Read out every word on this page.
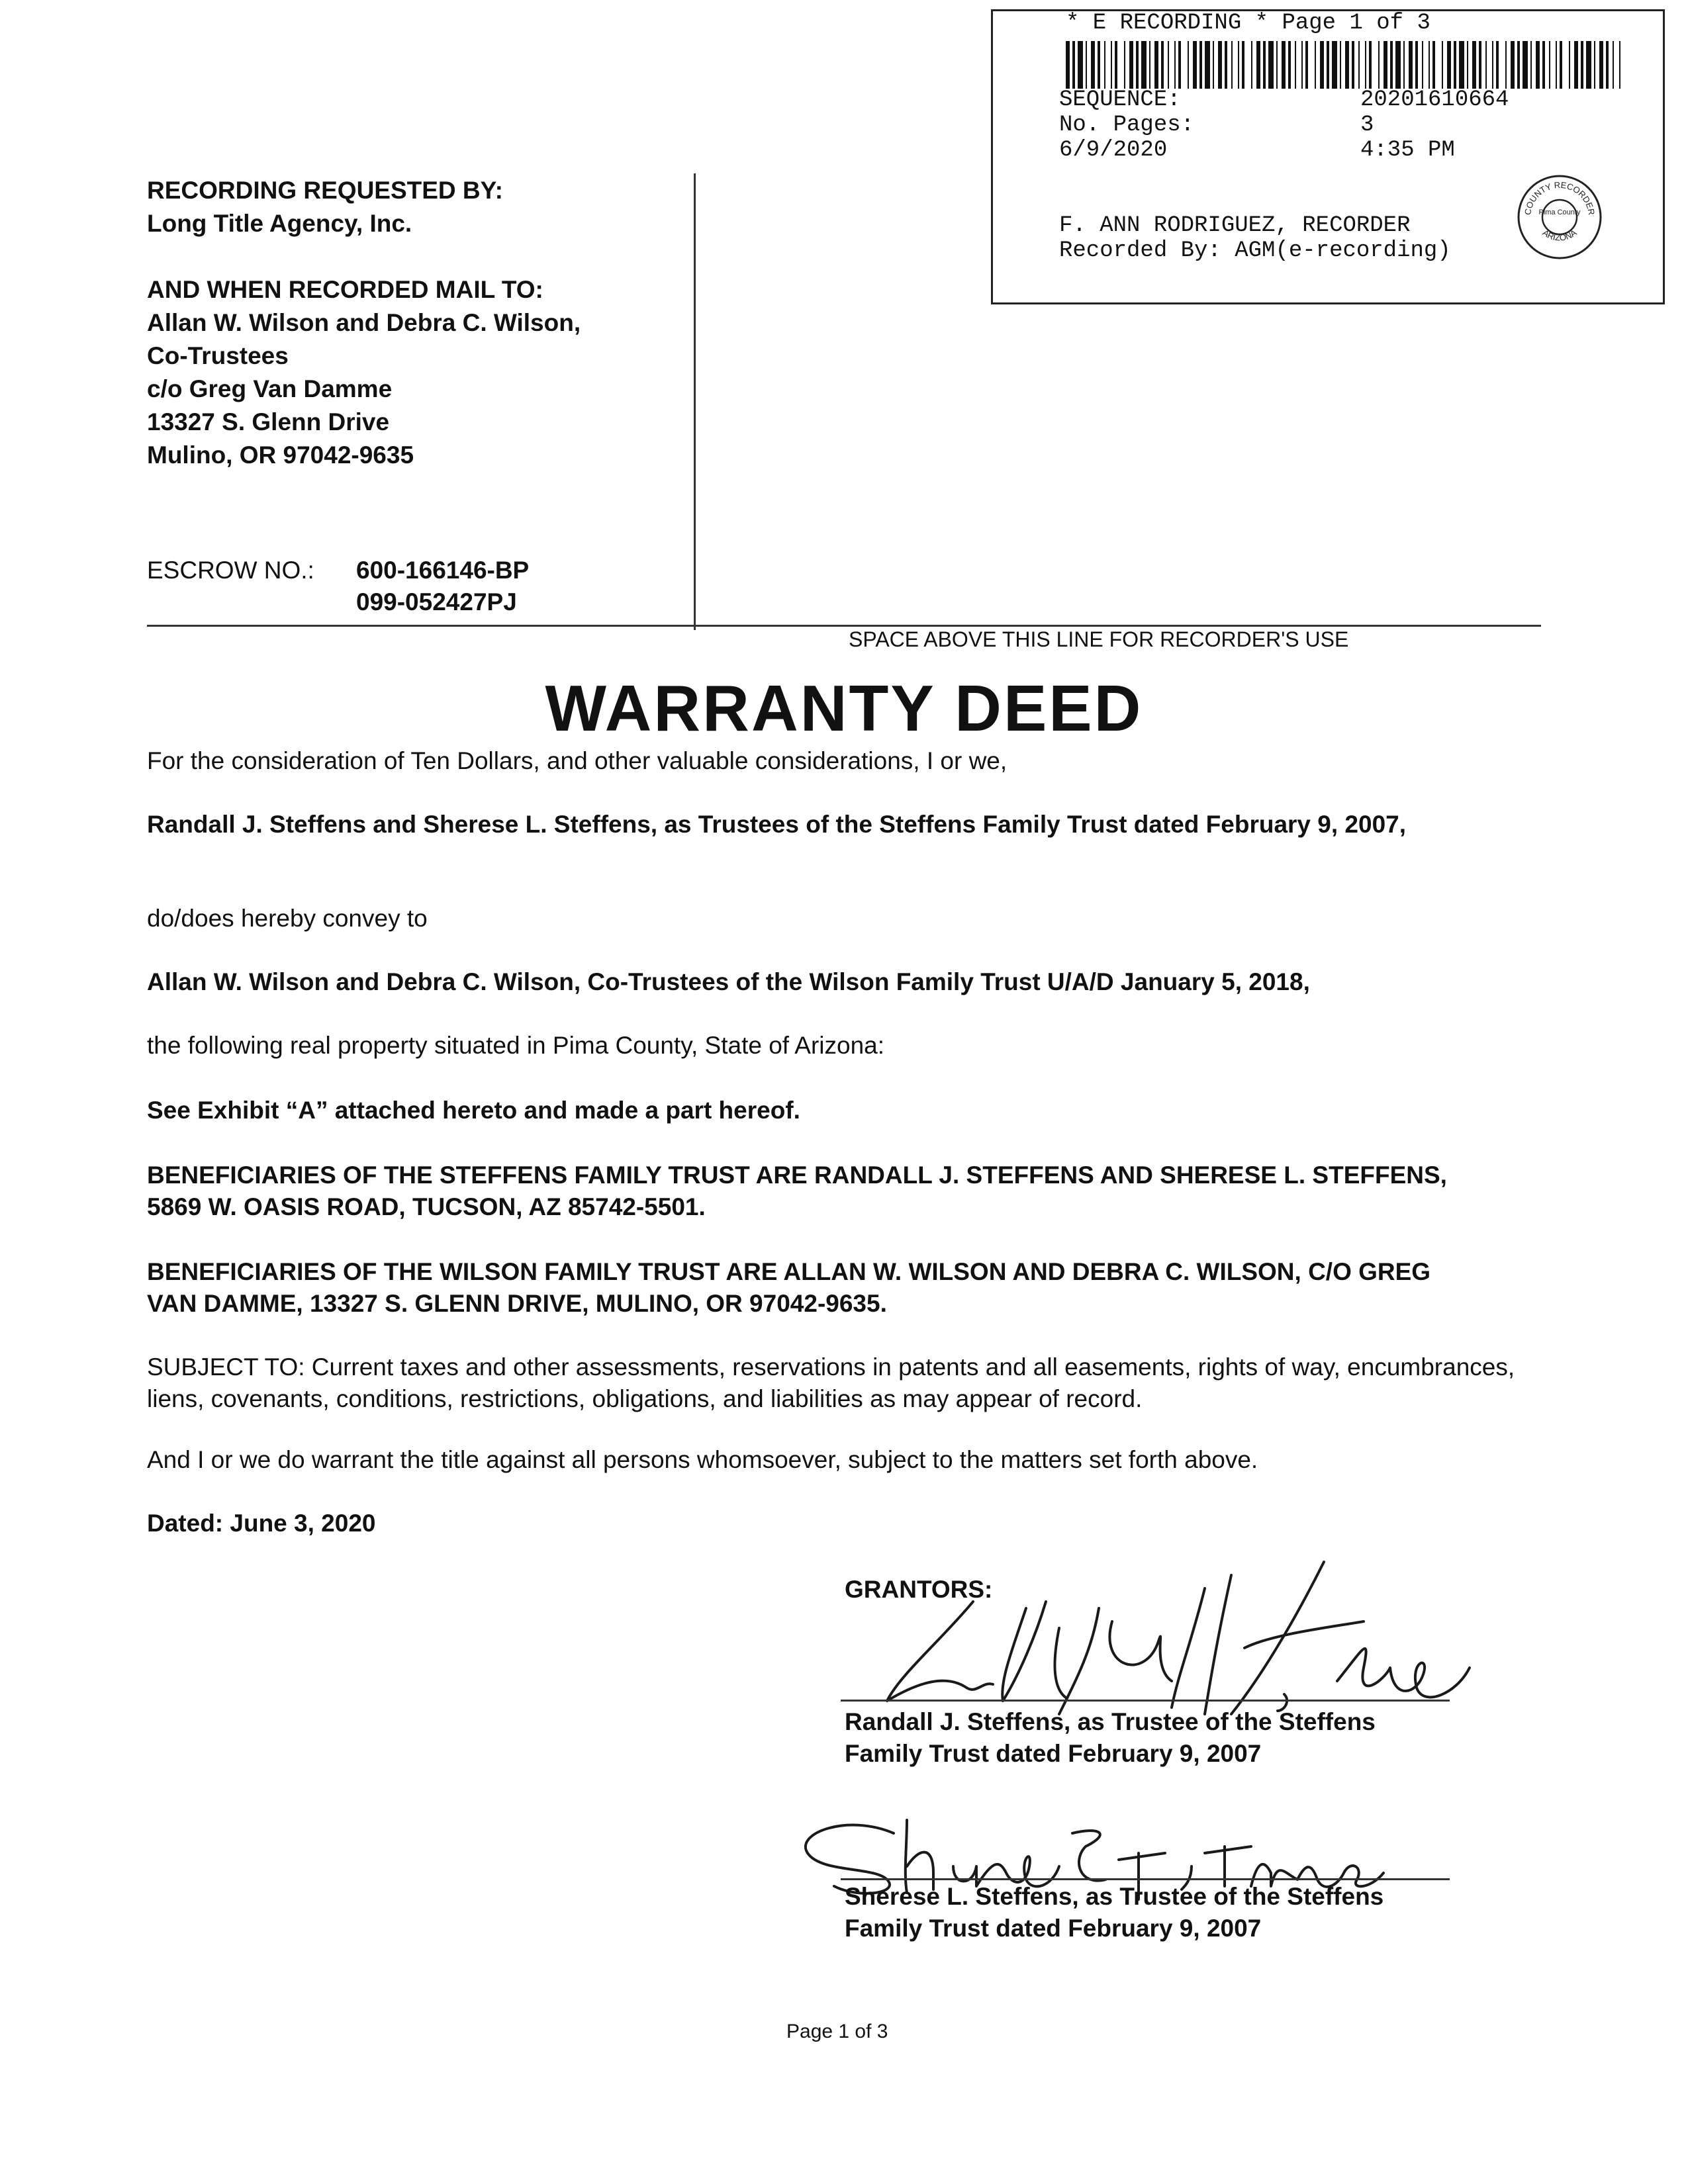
* E RECORDING * Page 1 of 3
SEQUENCE:	20201610664
No. Pages:	3
6/9/2020	4:35 PM
F. ANN RODRIGUEZ, RECORDER
Recorded By: AGM(e-recording)
COUNTY RECORDER
Pima County
ARIZONA
RECORDING REQUESTED BY:
Long Title Agency, Inc.
AND WHEN RECORDED MAIL TO:
Allan W. Wilson and Debra C. Wilson,
Co-Trustees
c/o Greg Van Damme
13327 S. Glenn Drive
Mulino, OR 97042-9635
ESCROW NO.: 600-166146-BP
099-052427PJ
SPACE ABOVE THIS LINE FOR RECORDER'S USE
WARRANTY DEED
For the consideration of Ten Dollars, and other valuable considerations, I or we,
Randall J. Steffens and Sherese L. Steffens, as Trustees of the Steffens Family Trust dated February 9, 2007,
do/does hereby convey to
Allan W. Wilson and Debra C. Wilson, Co-Trustees of the Wilson Family Trust U/A/D January 5, 2018,
the following real property situated in Pima County, State of Arizona:
See Exhibit “A” attached hereto and made a part hereof.
BENEFICIARIES OF THE STEFFENS FAMILY TRUST ARE RANDALL J. STEFFENS AND SHERESE L. STEFFENS, 5869 W. OASIS ROAD, TUCSON, AZ 85742-5501.
BENEFICIARIES OF THE WILSON FAMILY TRUST ARE ALLAN W. WILSON AND DEBRA C. WILSON, C/O GREG VAN DAMME, 13327 S. GLENN DRIVE, MULINO, OR 97042-9635.
SUBJECT TO: Current taxes and other assessments, reservations in patents and all easements, rights of way, encumbrances, liens, covenants, conditions, restrictions, obligations, and liabilities as may appear of record.
And I or we do warrant the title against all persons whomsoever, subject to the matters set forth above.
Dated: June 3, 2020
GRANTORS:
Randall J. Steffens, as Trustee of the Steffens
Family Trust dated February 9, 2007
Sherese L. Steffens, as Trustee of the Steffens
Family Trust dated February 9, 2007
Page 1 of 3
